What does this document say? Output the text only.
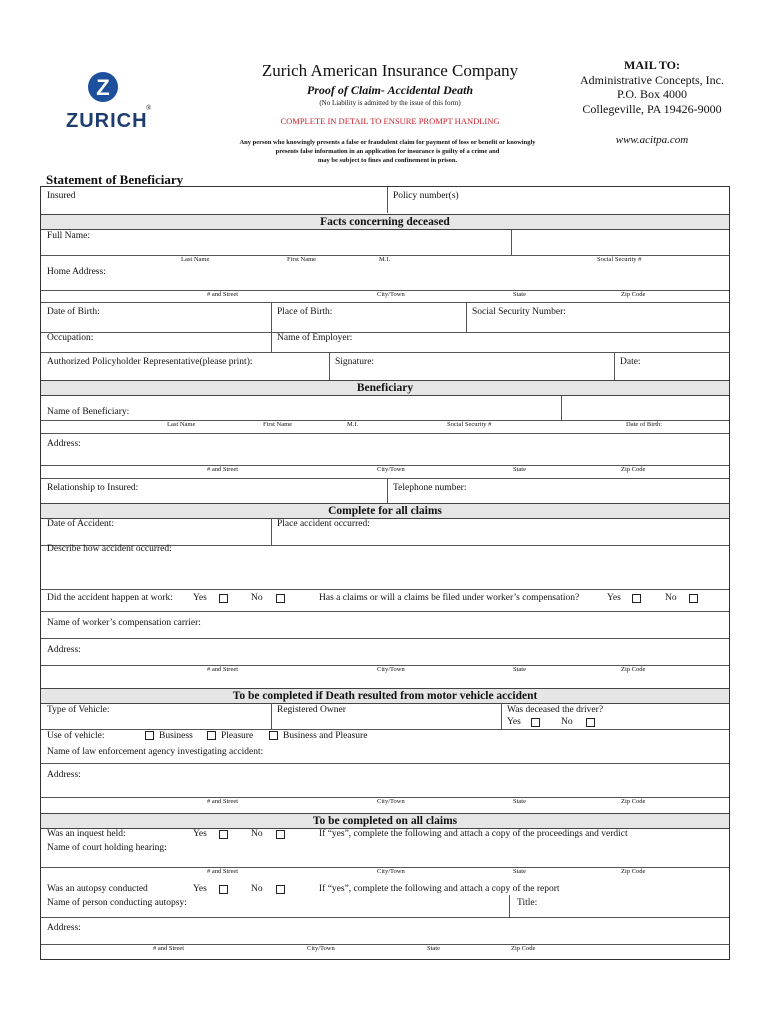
Z
ZURICH
®
Zurich American Insurance Company
Proof of Claim- Accidental Death
(No Liability is admitted by the issue of this form)
COMPLETE IN DETAIL TO ENSURE PROMPT HANDLING
Any person who knowingly presents a false or fraudulent claim for payment of loss or benefit or knowingly
presents false information in an application for insurance is guilty of a crime and
may be subject to fines and confinement in prison.
MAIL TO:
Administrative Concepts, Inc.
P.O. Box 4000
Collegeville, PA 19426-9000
www.acitpa.com
Statement of Beneficiary
Insured	Policy number(s)
Facts concerning deceased
Full Name:
Last Name	First Name	M.I.	Social Security #
Home Address:
# and Street	City/Town	State	Zip Code
Date of Birth:	Place of Birth:	Social Security Number:
Occupation:	Name of Employer:
Authorized Policyholder Representative(please print):	Signature:	Date:
Beneficiary
Name of Beneficiary:
Last Name	First Name	M.I.	Social Security #	Date of Birth:
Address:
# and Street	City/Town	State	Zip Code
Relationship to Insured:	Telephone number:
Complete for all claims
Date of Accident:	Place accident occurred:
Describe how accident occurred:
Did the accident happen at work: Yes	No	Has a claims or will a claims be filed under worker’s compensation?	Yes	No
Name of worker’s compensation carrier:
Address:
# and Street	City/Town	State	Zip Code
To be completed if Death resulted from motor vehicle accident
Type of Vehicle:	Registered Owner	Was deceased the driver?
Yes	No
Use of vehicle:	Business	Pleasure	Business and Pleasure
Name of law enforcement agency investigating accident:
Address:
# and Street	City/Town	State	Zip Code
To be completed on all claims
Was an inquest held:	Yes	No	If “yes”, complete the following and attach a copy of the proceedings and verdict
Name of court holding hearing:
# and Street	City/Town	State	Zip Code
Was an autopsy conducted	Yes	No	If “yes”, complete the following and attach a copy of the report
Name of person conducting autopsy:	Title:
Address:
# and Street	City/Town	State	Zip Code
